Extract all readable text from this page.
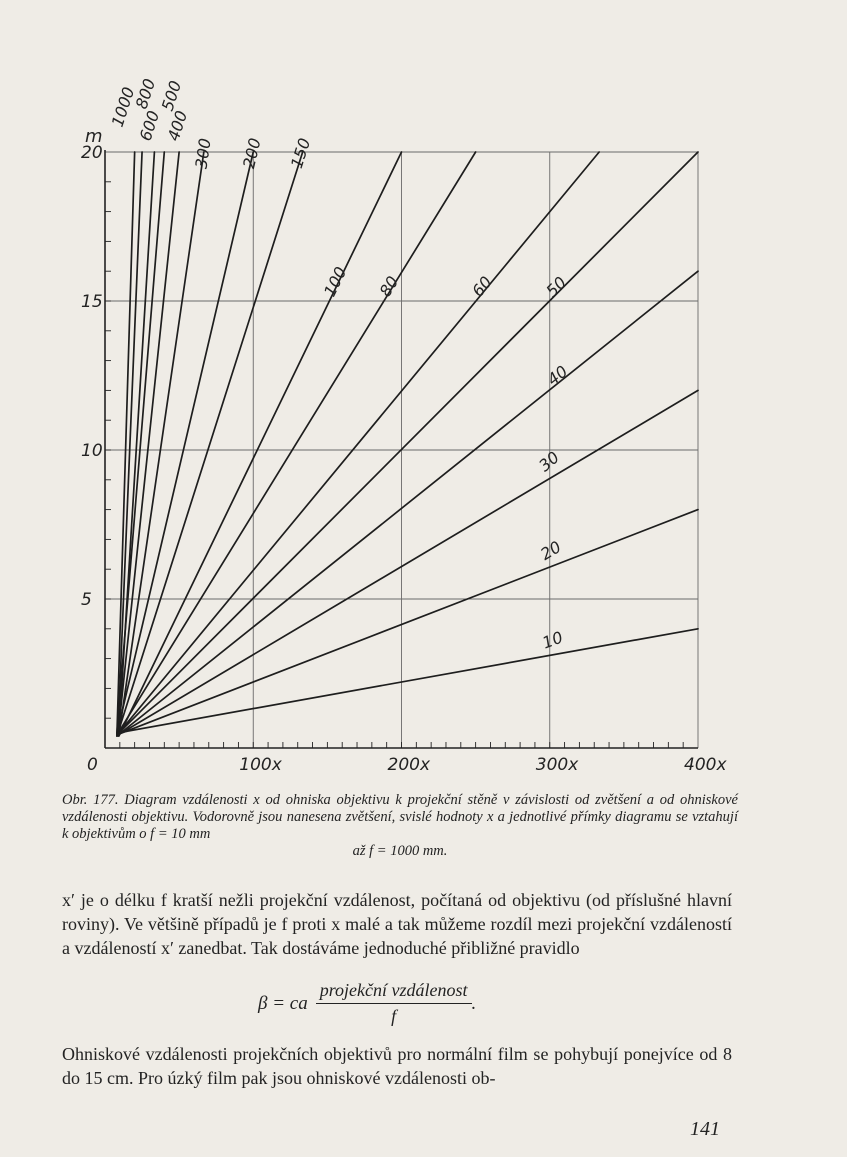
0	100x	200x	300x	400x
5
10
15
20
m
1000
800
600
500
400
300 200 150
100 80	60	50
40
30
20
10
Obr. 177. Diagram vzdálenosti x od ohniska objektivu k projekční stěně v závislosti od zvětšení a od ohniskové vzdálenosti objektivu. Vodorovně jsou nanesena zvětšení, svislé hodnoty x a jednotlivé přímky diagramu se vztahují k objektivům o f = 10 mm
až f = 1000 mm.
x′ je o délku f kratší nežli projekční vzdálenost, počítaná od objektivu (od příslušné hlavní roviny). Ve většině případů je f proti x malé a tak můžeme rozdíl mezi projekční vzdáleností a vzdáleností x′ zanedbat. Tak dostáváme jednoduché přibližné pravidlo
β = ca $\frac{\text{projekční vzdálenost}}{f}$ .
Ohniskové vzdálenosti projekčních objektivů pro normální film se pohybují ponejvíce od 8 do 15 cm. Pro úzký film pak jsou ohniskové vzdálenosti ob-
141
